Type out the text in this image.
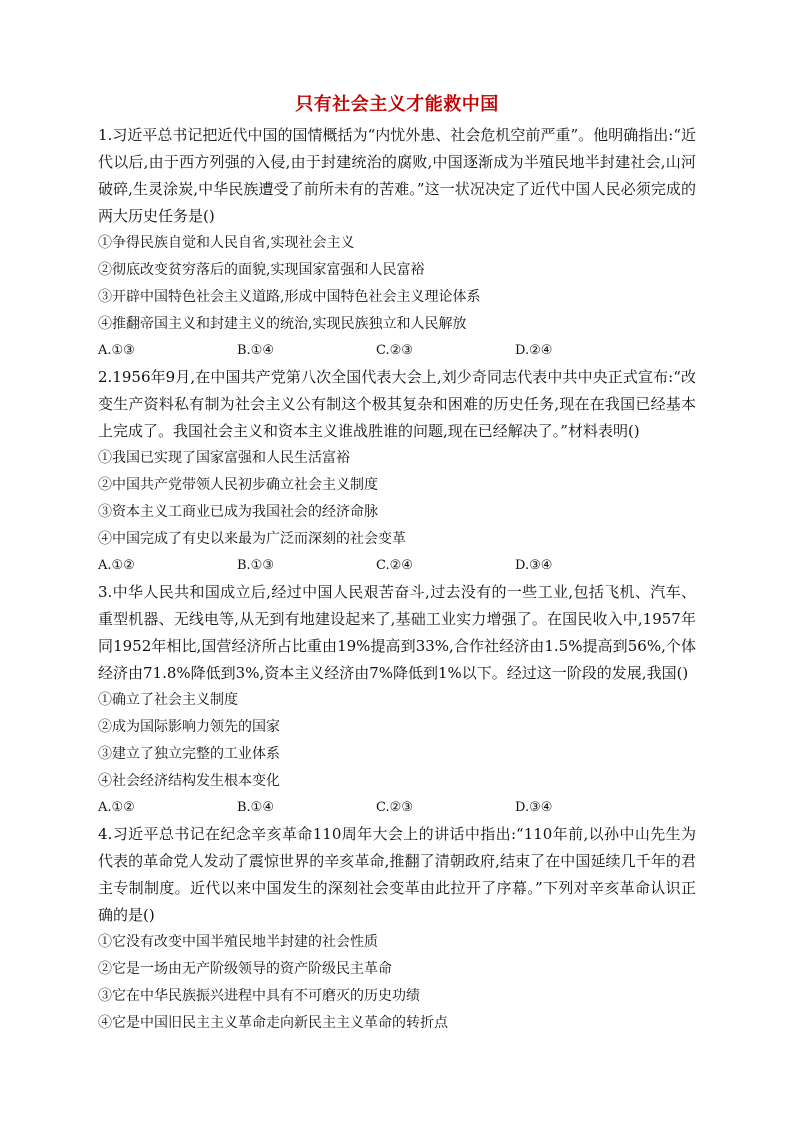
只有社会主义才能救中国

1.习近平总书记把近代中国的国情概括为“内忧外患、社会危机空前严重”。他明确指出:“近代以后,由于西方列强的入侵,由于封建统治的腐败,中国逐渐成为半殖民地半封建社会,山河破碎,生灵涂炭,中华民族遭受了前所未有的苦难。”这一状况决定了近代中国人民必须完成的两大历史任务是()

①争得民族自觉和人民自省,实现社会主义

②彻底改变贫穷落后的面貌,实现国家富强和人民富裕

③开辟中国特色社会主义道路,形成中国特色社会主义理论体系

④推翻帝国主义和封建主义的统治,实现民族独立和人民解放

A.①③	B.①④	C.②③	D.②④

2.1956年9月,在中国共产党第八次全国代表大会上,刘少奇同志代表中共中央正式宣布:“改变生产资料私有制为社会主义公有制这个极其复杂和困难的历史任务,现在在我国已经基本上完成了。我国社会主义和资本主义谁战胜谁的问题,现在已经解决了。”材料表明()

①我国已实现了国家富强和人民生活富裕

②中国共产党带领人民初步确立社会主义制度

③资本主义工商业已成为我国社会的经济命脉

④中国完成了有史以来最为广泛而深刻的社会变革

A.①②	B.①③	C.②④	D.③④

3.中华人民共和国成立后,经过中国人民艰苦奋斗,过去没有的一些工业,包括飞机、汽车、重型机器、无线电等,从无到有地建设起来了,基础工业实力增强了。在国民收入中,1957年同1952年相比,国营经济所占比重由19%提高到33%,合作社经济由1.5%提高到56%,个体经济由71.8%降低到3%,资本主义经济由7%降低到1%以下。经过这一阶段的发展,我国()

①确立了社会主义制度

②成为国际影响力领先的国家

③建立了独立完整的工业体系

④社会经济结构发生根本变化

A.①②	B.①④	C.②③	D.③④

4.习近平总书记在纪念辛亥革命110周年大会上的讲话中指出:“110年前,以孙中山先生为代表的革命党人发动了震惊世界的辛亥革命,推翻了清朝政府,结束了在中国延续几千年的君主专制制度。近代以来中国发生的深刻社会变革由此拉开了序幕。”下列对辛亥革命认识正确的是()

①它没有改变中国半殖民地半封建的社会性质

②它是一场由无产阶级领导的资产阶级民主革命

③它在中华民族振兴进程中具有不可磨灭的历史功绩

④它是中国旧民主主义革命走向新民主主义革命的转折点
